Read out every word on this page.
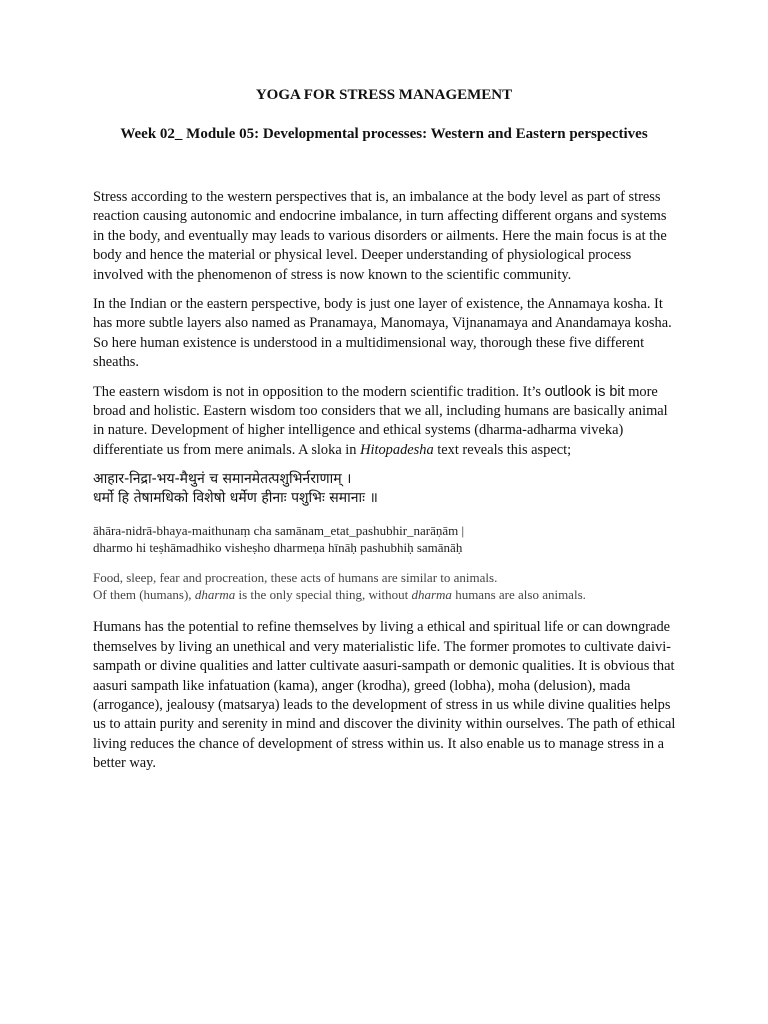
YOGA FOR STRESS MANAGEMENT
Week 02_ Module 05: Developmental processes: Western and Eastern perspectives

Stress according to the western perspectives that is, an imbalance at the body level as part of stress reaction causing autonomic and endocrine imbalance, in turn affecting different organs and systems in the body, and eventually may leads to various disorders or ailments. Here the main focus is at the body and hence the material or physical level. Deeper understanding of physiological process involved with the phenomenon of stress is now known to the scientific community.

In the Indian or the eastern perspective, body is just one layer of existence, the Annamaya kosha. It has more subtle layers also named as Pranamaya, Manomaya, Vijnanamaya and Anandamaya kosha. So here human existence is understood in a multidimensional way, thorough these five different sheaths.

The eastern wisdom is not in opposition to the modern scientific tradition. It’s outlook is bit more broad and holistic. Eastern wisdom too considers that we all, including humans are basically animal in nature. Development of higher intelligence and ethical systems (dharma-adharma viveka) differentiate us from mere animals. A sloka in Hitopadesha text reveals this aspect;

आहार-निद्रा-भय-मैथुनं च समानमेतत्पशुभिर्नराणाम् ।
धर्मो हि तेषामधिको विशेषो धर्मेण हीनाः पशुभिः समानाः ॥
āhāra-nidrā-bhaya-maithunaṃ cha samānam_etat_pashubhir_narāṇām |
dharmo hi teṣhāmadhiko visheṣho dharmeṇa hīnāḥ pashubhiḥ samānāḥ
Food, sleep, fear and procreation, these acts of humans are similar to animals.
Of them (humans), dharma is the only special thing, without dharma humans are also animals.

Humans has the potential to refine themselves by living a ethical and spiritual life or can downgrade themselves by living an unethical and very materialistic life. The former promotes to cultivate daivi-sampath or divine qualities and latter cultivate aasuri-sampath or demonic qualities. It is obvious that aasuri sampath like infatuation (kama), anger (krodha), greed (lobha), moha (delusion), mada (arrogance), jealousy (matsarya) leads to the development of stress in us while divine qualities helps us to attain purity and serenity in mind and discover the divinity within ourselves. The path of ethical living reduces the chance of development of stress within us. It also enable us to manage stress in a better way.
